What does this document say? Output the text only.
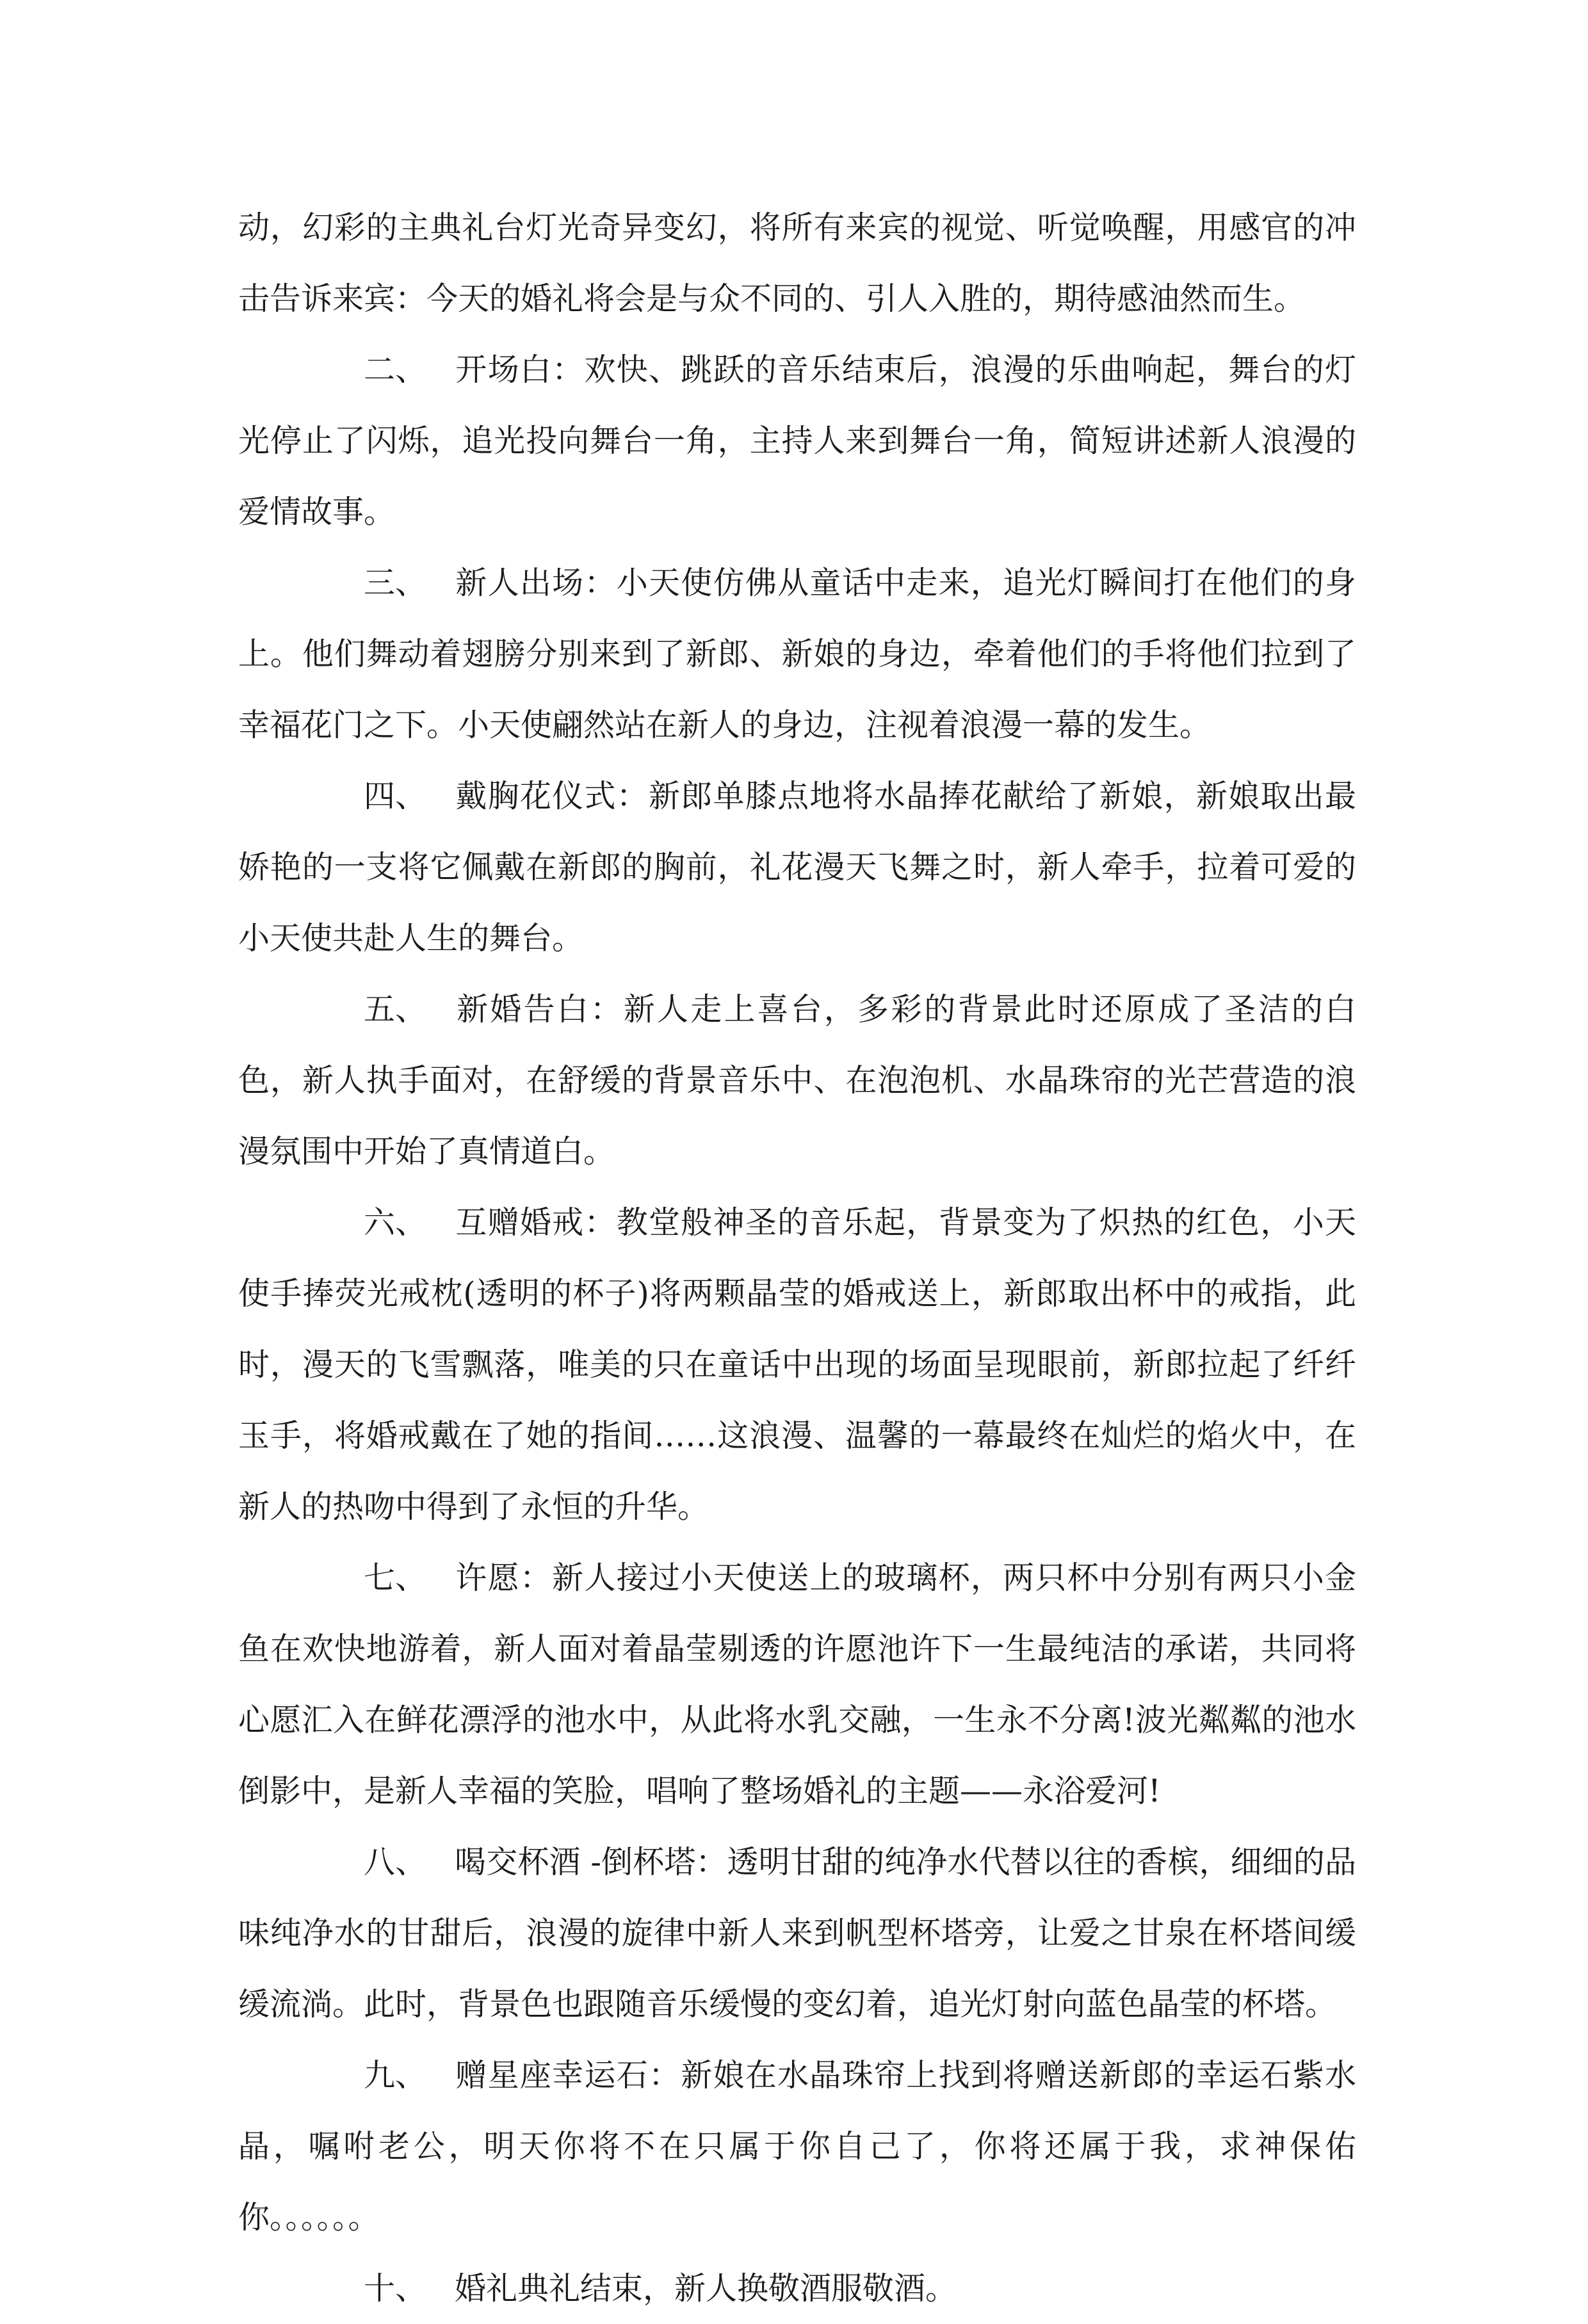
动，幻彩的主典礼台灯光奇异变幻，将所有来宾的视觉、听觉唤醒，用感官的冲击告诉来宾：今天的婚礼将会是与众不同的、引人入胜的，期待感油然而生。

二、 开场白：欢快、跳跃的音乐结束后，浪漫的乐曲响起，舞台的灯光停止了闪烁，追光投向舞台一角，主持人来到舞台一角，简短讲述新人浪漫的爱情故事。

三、 新人出场：小天使仿佛从童话中走来，追光灯瞬间打在他们的身上。他们舞动着翅膀分别来到了新郎、新娘的身边，牵着他们的手将他们拉到了幸福花门之下。小天使翩然站在新人的身边，注视着浪漫一幕的发生。

四、 戴胸花仪式：新郎单膝点地将水晶捧花献给了新娘，新娘取出最娇艳的一支将它佩戴在新郎的胸前，礼花漫天飞舞之时，新人牵手，拉着可爱的小天使共赴人生的舞台。

五、 新婚告白：新人走上喜台，多彩的背景此时还原成了圣洁的白色，新人执手面对，在舒缓的背景音乐中、在泡泡机、水晶珠帘的光芒营造的浪漫氛围中开始了真情道白。

六、 互赠婚戒：教堂般神圣的音乐起，背景变为了炽热的红色，小天使手捧荧光戒枕(透明的杯子)将两颗晶莹的婚戒送上，新郎取出杯中的戒指，此时，漫天的飞雪飘落，唯美的只在童话中出现的场面呈现眼前，新郎拉起了纤纤玉手，将婚戒戴在了她的指间……这浪漫、温馨的一幕最终在灿烂的焰火中，在新人的热吻中得到了永恒的升华。

七、 许愿：新人接过小天使送上的玻璃杯，两只杯中分别有两只小金鱼在欢快地游着，新人面对着晶莹剔透的许愿池许下一生最纯洁的承诺，共同将心愿汇入在鲜花漂浮的池水中，从此将水乳交融，一生永不分离!波光粼粼的池水倒影中，是新人幸福的笑脸，唱响了整场婚礼的主题——永浴爱河!

八、 喝交杯酒 -倒杯塔：透明甘甜的纯净水代替以往的香槟，细细的品味纯净水的甘甜后，浪漫的旋律中新人来到帆型杯塔旁，让爱之甘泉在杯塔间缓缓流淌。此时，背景色也跟随音乐缓慢的变幻着，追光灯射向蓝色晶莹的杯塔。

九、 赠星座幸运石：新娘在水晶珠帘上找到将赠送新郎的幸运石紫水晶，嘱咐老公，明天你将不在只属于你自己了，你将还属于我，求神保佑你。。。。。。

十、 婚礼典礼结束，新人换敬酒服敬酒。
